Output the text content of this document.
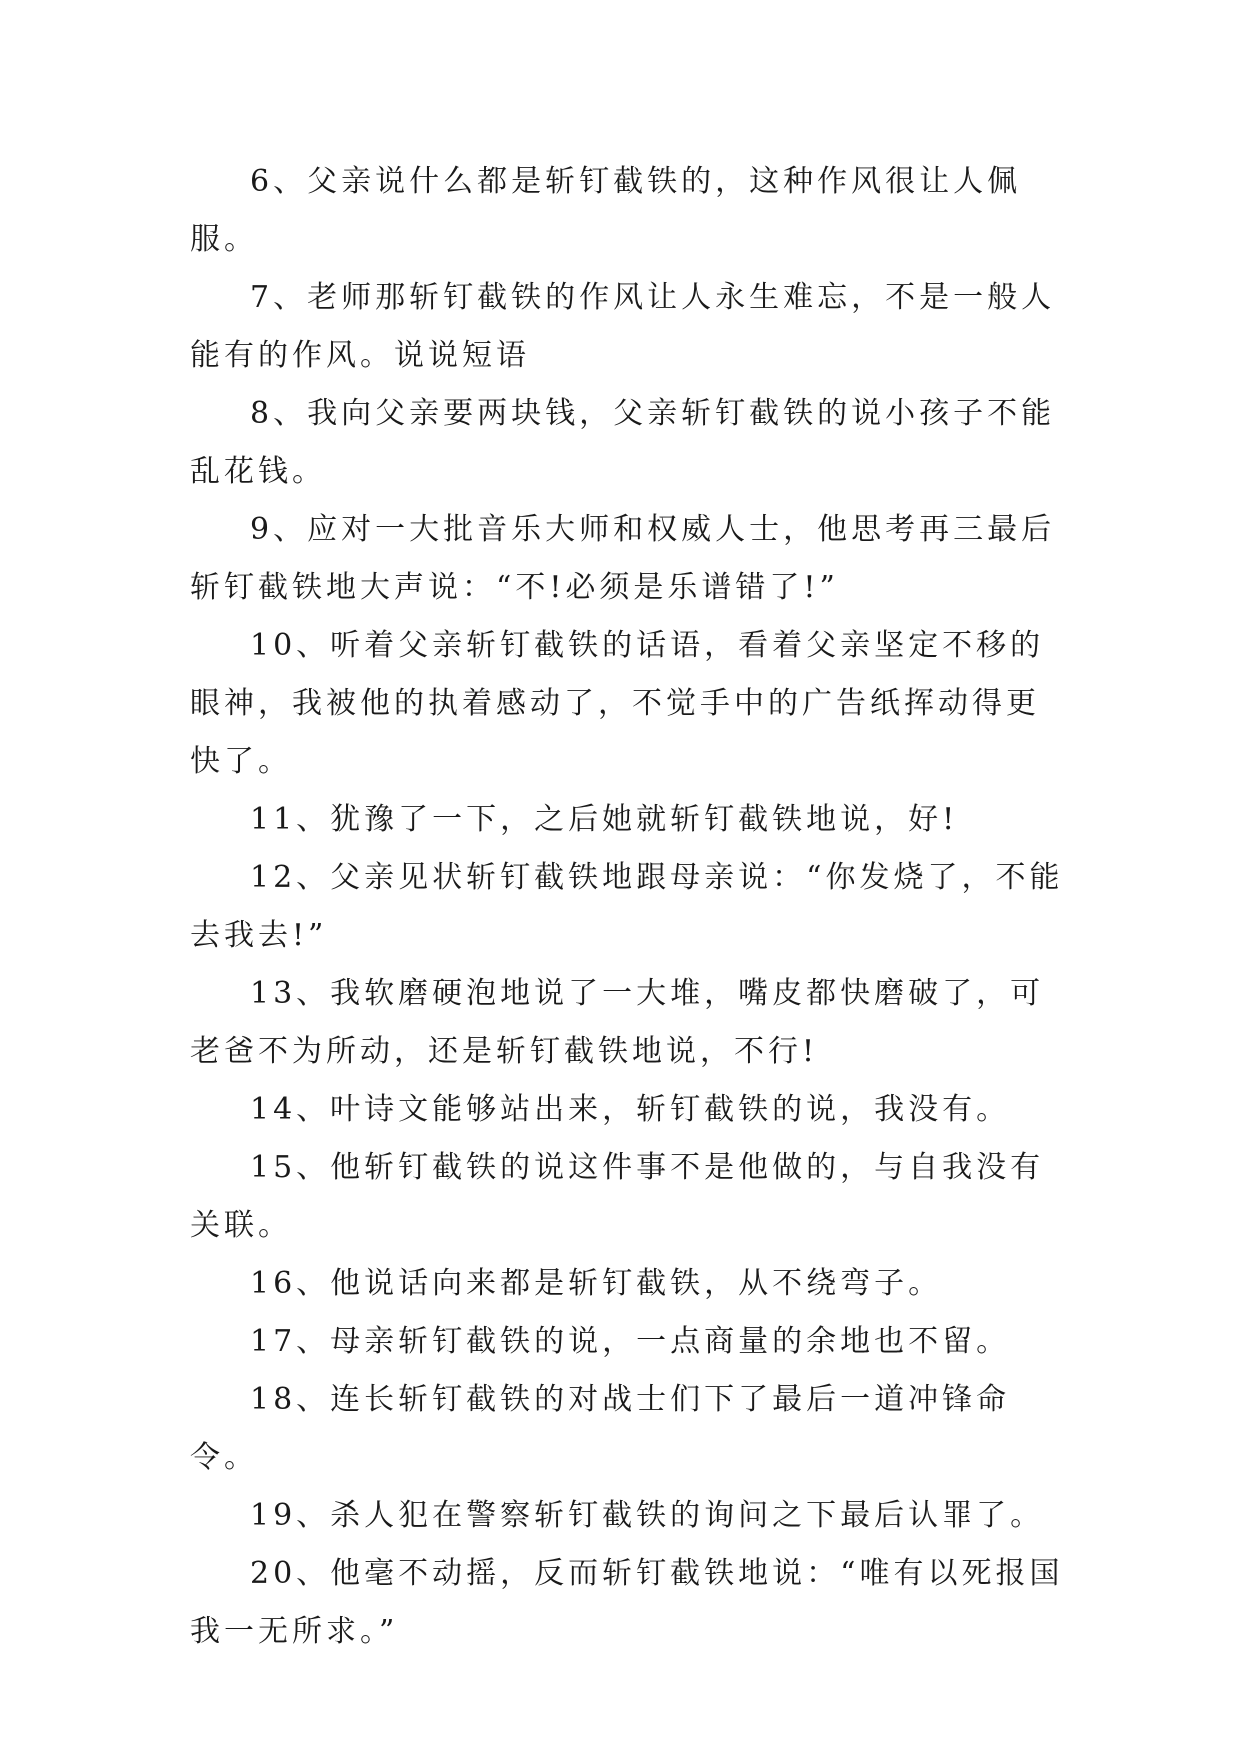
6、父亲说什么都是斩钉截铁的，这种作风很让人佩服。

7、老师那斩钉截铁的作风让人永生难忘，不是一般人能有的作风。说说短语

8、我向父亲要两块钱，父亲斩钉截铁的说小孩子不能乱花钱。

9、应对一大批音乐大师和权威人士，他思考再三最后斩钉截铁地大声说：“不!必须是乐谱错了!”

10、听着父亲斩钉截铁的话语，看着父亲坚定不移的眼神，我被他的执着感动了，不觉手中的广告纸挥动得更快了。

11、犹豫了一下，之后她就斩钉截铁地说，好!

12、父亲见状斩钉截铁地跟母亲说：“你发烧了，不能去我去!”

13、我软磨硬泡地说了一大堆，嘴皮都快磨破了，可老爸不为所动，还是斩钉截铁地说，不行!

14、叶诗文能够站出来，斩钉截铁的说，我没有。

15、他斩钉截铁的说这件事不是他做的，与自我没有关联。

16、他说话向来都是斩钉截铁，从不绕弯子。

17、母亲斩钉截铁的说，一点商量的余地也不留。

18、连长斩钉截铁的对战士们下了最后一道冲锋命令。

19、杀人犯在警察斩钉截铁的询问之下最后认罪了。

20、他毫不动摇，反而斩钉截铁地说：“唯有以死报国我一无所求。”
